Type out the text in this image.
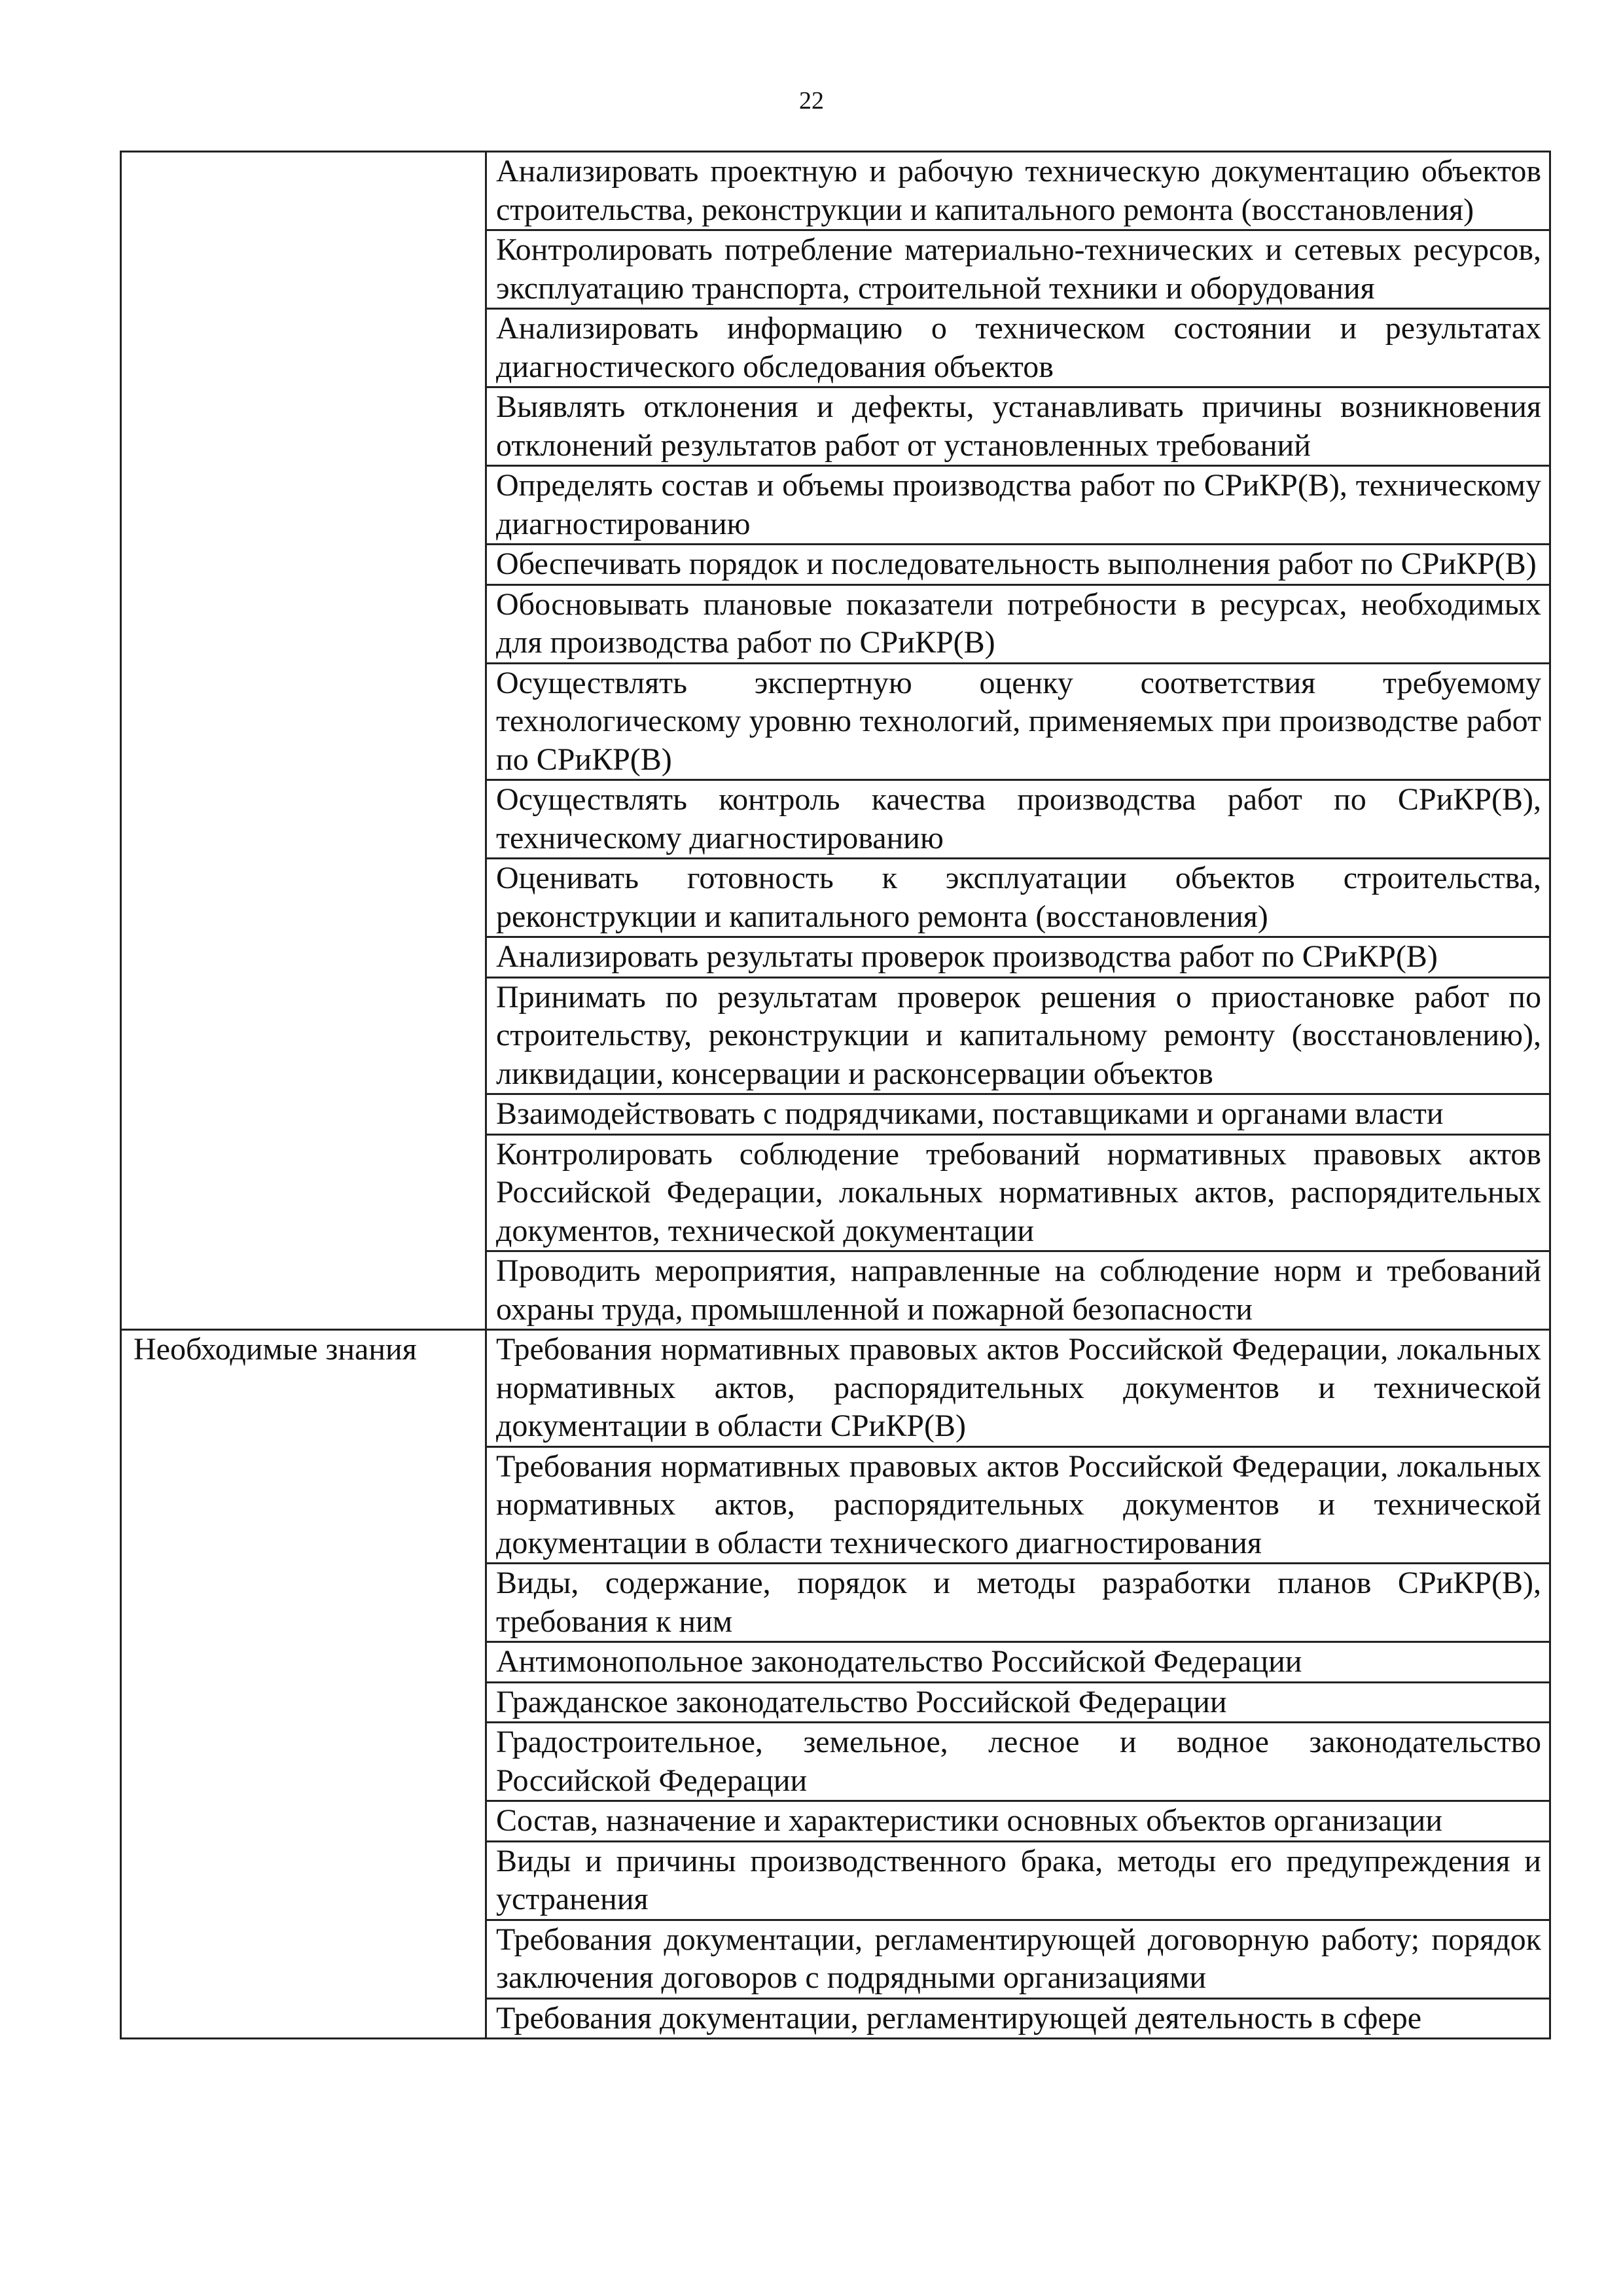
22
	Анализировать проектную и рабочую техническую документацию объектов строительства, реконструкции и капитального ремонта (восстановления)
	Контролировать потребление материально-технических и сетевых ресурсов, эксплуатацию транспорта, строительной техники и оборудования
	Анализировать информацию о техническом состоянии и результатах диагностического обследования объектов
	Выявлять отклонения и дефекты, устанавливать причины возникновения отклонений результатов работ от установленных требований
	Определять состав и объемы производства работ по СРиКР(В), техническому диагностированию
	Обеспечивать порядок и последовательность выполнения работ по СРиКР(В)
	Обосновывать плановые показатели потребности в ресурсах, необходимых для производства работ по СРиКР(В)
	Осуществлять экспертную оценку соответствия требуемому технологическому уровню технологий, применяемых при производстве работ по СРиКР(В)
	Осуществлять контроль качества производства работ по СРиКР(В), техническому диагностированию
	Оценивать готовность к эксплуатации объектов строительства, реконструкции и капитального ремонта (восстановления)
	Анализировать результаты проверок производства работ по СРиКР(В)
	Принимать по результатам проверок решения о приостановке работ по строительству, реконструкции и капитальному ремонту (восстановлению), ликвидации, консервации и расконсервации объектов
	Взаимодействовать с подрядчиками, поставщиками и органами власти
	Контролировать соблюдение требований нормативных правовых актов Российской Федерации, локальных нормативных актов, распорядительных документов, технической документации
	Проводить мероприятия, направленные на соблюдение норм и требований охраны труда, промышленной и пожарной безопасности
Необходимые знания	Требования нормативных правовых актов Российской Федерации, локальных нормативных актов, распорядительных документов и технической документации в области СРиКР(В)
	Требования нормативных правовых актов Российской Федерации, локальных нормативных актов, распорядительных документов и технической документации в области технического диагностирования
	Виды, содержание, порядок и методы разработки планов СРиКР(В), требования к ним
	Антимонопольное законодательство Российской Федерации
	Гражданское законодательство Российской Федерации
	Градостроительное, земельное, лесное и водное законодательство Российской Федерации
	Состав, назначение и характеристики основных объектов организации
	Виды и причины производственного брака, методы его предупреждения и устранения
	Требования документации, регламентирующей договорную работу; порядок заключения договоров с подрядными организациями
	Требования документации, регламентирующей деятельность в сфере
